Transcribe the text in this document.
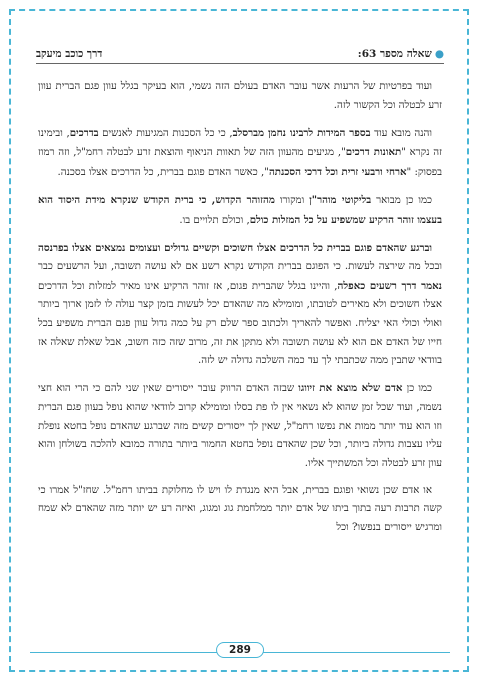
●שאלה מספר 63:
דרך כוכב מיעקב

ועוד בפרטיות של הרעות אשר עובר האדם בעולם הזה גשמי, הוא בעיקר בגלל עוון פגם הברית עוון זרע לבטלה וכל הקשור לזה.

והנה מובא עוד בספר המידות לרבינו נחמן מברסלב, כי כל הסכנות המגיעות לאנשים בדרכים, ובימינו זה נקרא "תאונות דרכים", מגיעים מהעוון הזה של תאוות הניאוף והוצאת זרע לבטלה רחמ"ל, וזה רמוז בפסוק: "ארחי ורבעי זרית וכל דרכי הסכנתה", כאשר האדם פוגם בברית, כל הדרכים אצלו בסכנה.

כמו כן מבואר בליקוטי מוהר"ן ומקורו מהזוהר הקדוש, כי ברית הקודש שנקרא מידת היסוד הוא בעצמו זוהר הרקיע שמשפיע על כל המזלות כולם, וכולם תלויים בו.

וברגע שהאדם פוגם בברית כל הדרכים אצלו חשוכים וקשיים גדולים ועצומים נמצאים אצלו בפרנסה ובכל מה שירצה לעשות. כי הפוגם בברית הקודש נקרא רשע אם לא עושה תשובה, ועל הרשעים כבר נאמר דרך רשעים כאפלה, והיינו בגלל שהברית פגום, אז זוהר הרקיע אינו מאיר למזלות וכל הדרכים אצלו חשוכים ולא מאירים לטובתו, ומומילא מה שהאדם יכל לעשות בזמן קצר עולה לו לזמן ארוך ביותר ואולי וכולי האי יצליח. ואפשר להאריך ולכתוב ספר שלם רק על כמה גדול עוון פגם הברית משפיע בכל חייו של האדם אם הוא לא עושה תשובה ולא מתקן את זה, מרוב שזה כזה חשוב, אבל שאלת שאלה אז בוודאי שתבין ממה שכתבתי לך עד כמה השלכה גדולה יש לזה.

כמו כן אדם שלא מוצא את זיווגו שבזה האדם הרווק עובר ייסורים שאין שני להם כי הרי הוא חצי נשמה, ועוד שכל זמן שהוא לא נשאוי אין לו פת בסלו ומומילא קרוב לוודאי שהוא נופל בעוון פגם הברית וזו הוא עוד יותר ממות את נפשו רחמ"ל, שאין לך ייסורים קשים מזה שברגע שהאדם נופל בחטא נופלת עליו עצבות גדולה ביותר, וכל שכן שהאדם נופל בחטא החמור ביותר בתורה כמובא להלכה בשולחן והוא עוון זרע לבטלה וכל המשתייך אליו.

או אדם שכן נשואי ופוגם בברית, אבל היא מנגדת לו ויש לו מחלוקת בביתו רחמ"ל. שחז"ל אמרו כי קשה תרבות רעה בתוך ביתו של אדם יותר ממלחמת גוג ומגוג, ואיזה רע יש יותר מזה שהאדם לא שמח ומרגיש ייסורים בנפשו? וכל

289
